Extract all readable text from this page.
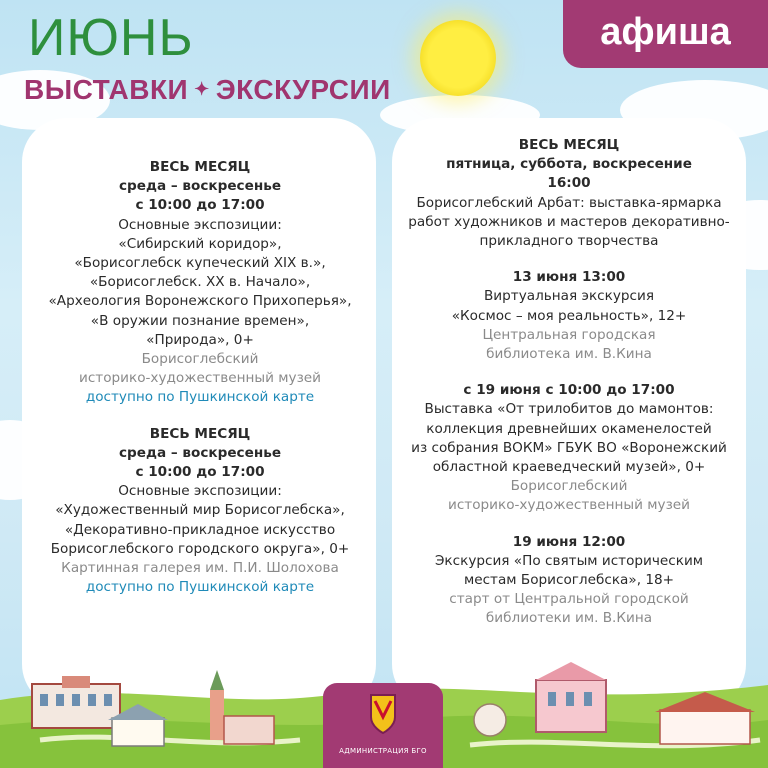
ИЮНЬ
ВЫСТАВКИ ✦ ЭКСКУРСИИ
афиша
ВЕСЬ МЕСЯЦ
среда – воскресенье
с 10:00 до 17:00
Основные экспозиции:
«Сибирский коридор»,
«Борисоглебск купеческий XIX в.»,
«Борисоглебск. XX в. Начало»,
«Археология Воронежского Прихоперья»,
«В оружии познание времен»,
«Природа», 0+
Борисоглебский
историко-художественный музей
доступно по Пушкинской карте
ВЕСЬ МЕСЯЦ
среда – воскресенье
с 10:00 до 17:00
Основные экспозиции:
«Художественный мир Борисоглебска»,
«Декоративно-прикладное искусство
Борисоглебского городского округа», 0+
Картинная галерея им. П.И. Шолохова
доступно по Пушкинской карте
ВЕСЬ МЕСЯЦ
пятница, суббота, воскресение
16:00
Борисоглебский Арбат: выставка-ярмарка
работ художников и мастеров декоративно-
прикладного творчества
13 июня 13:00
Виртуальная экскурсия
«Космос – моя реальность», 12+
Центральная городская
библиотека им. В.Кина
с 19 июня с 10:00 до 17:00
Выставка «От трилобитов до мамонтов:
коллекция древнейших окаменелостей
из собрания ВОКМ» ГБУК ВО «Воронежский
областной краеведческий музей», 0+
Борисоглебский
историко-художественный музей
19 июня 12:00
Экскурсия «По святым историческим
местам Борисоглебска», 18+
старт от Центральной городской
библиотеки им. В.Кина
АДМИНИСТРАЦИЯ БГО
